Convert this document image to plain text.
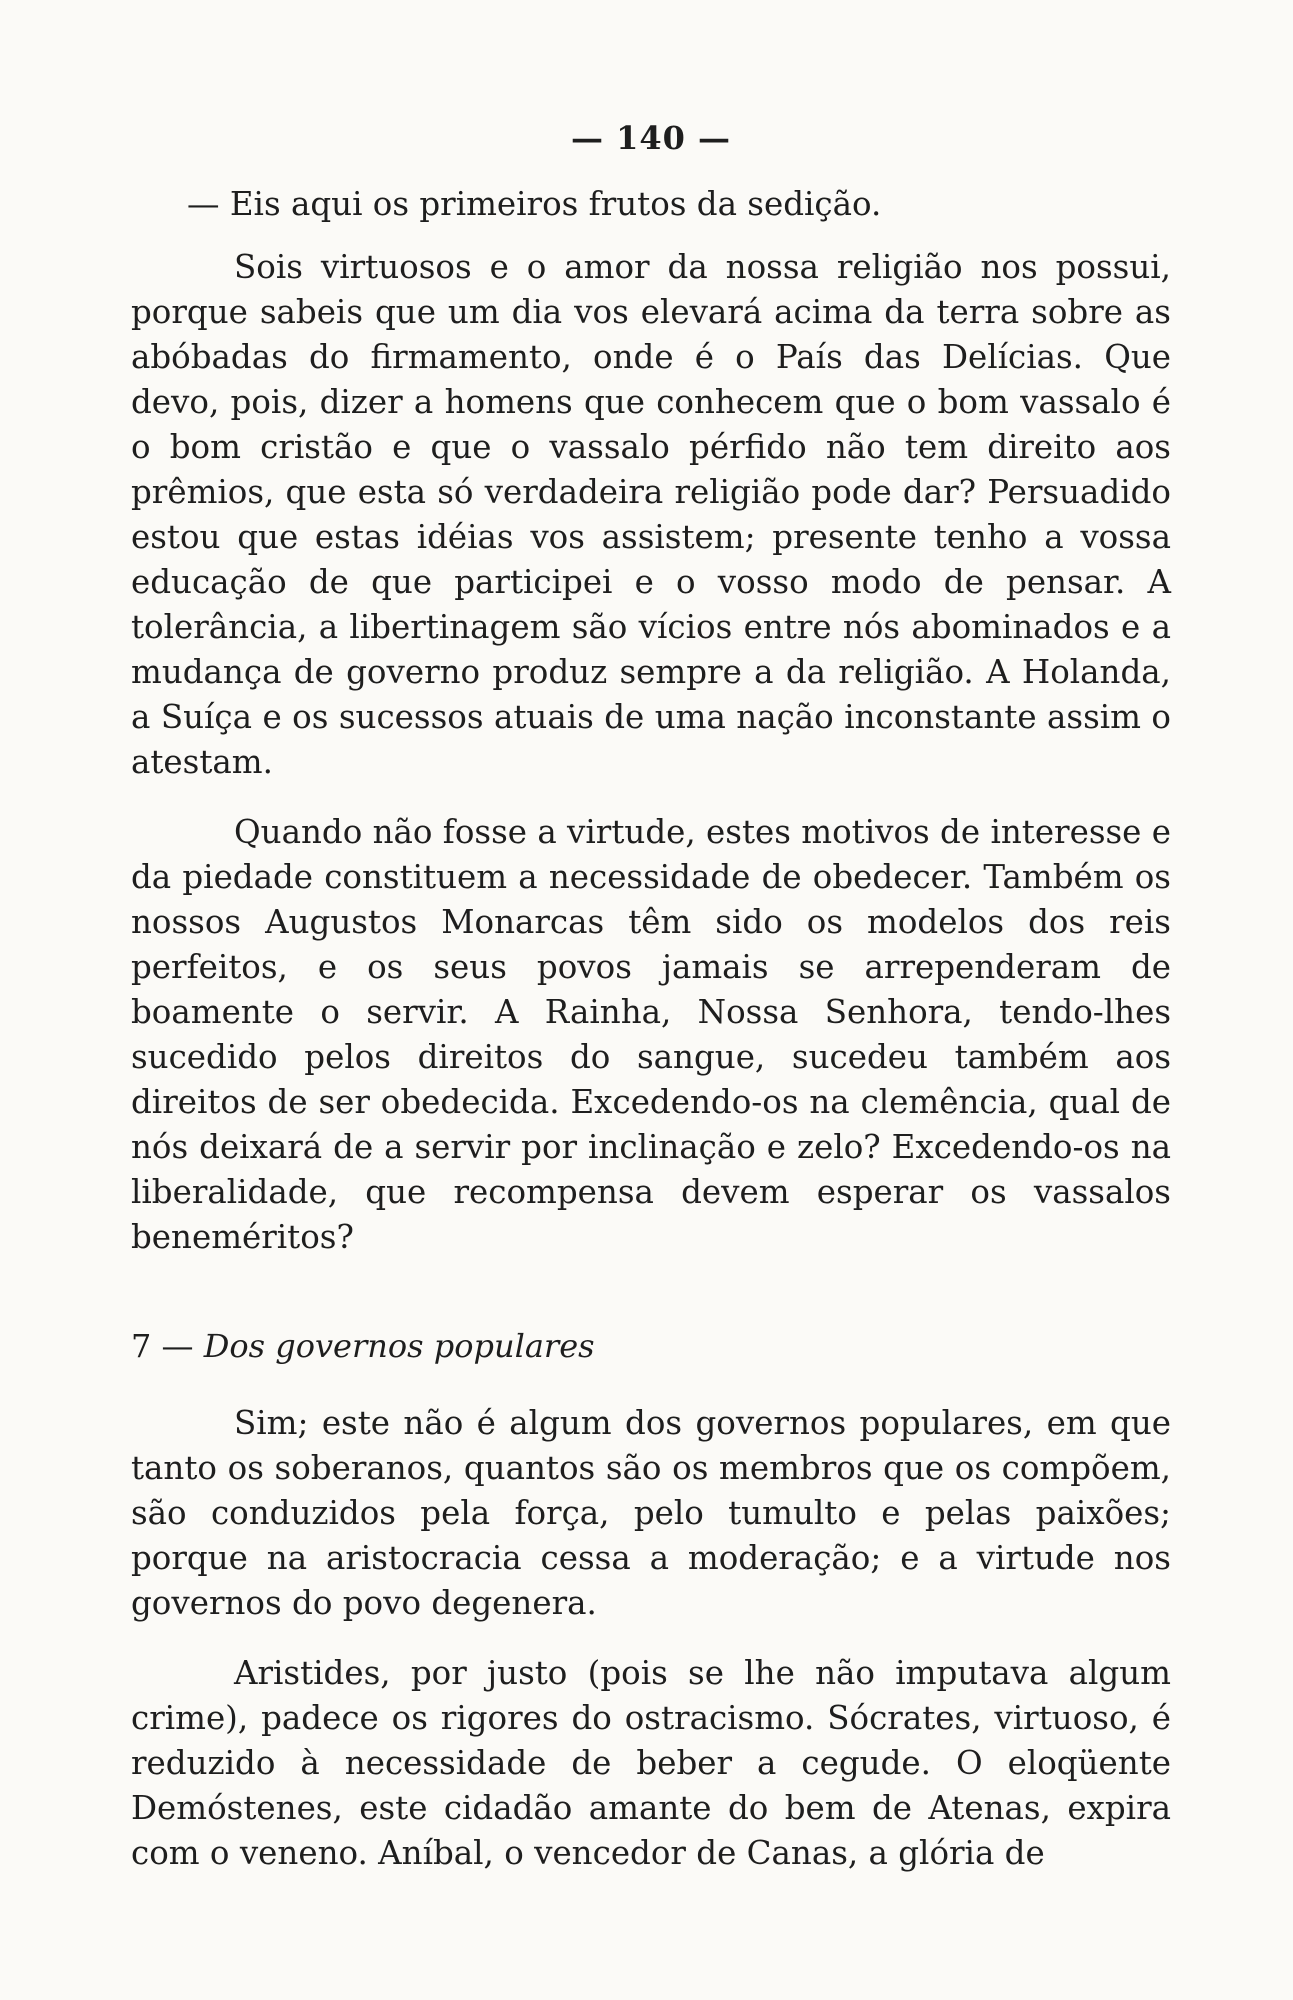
— 140 —

— Eis aqui os primeiros frutos da sedição.

Sois virtuosos e o amor da nossa religião nos possui, porque sabeis que um dia vos elevará acima da terra sobre as abóbadas do firmamento, onde é o País das Delícias. Que devo, pois, dizer a homens que conhecem que o bom vassalo é o bom cristão e que o vassalo pérfido não tem direito aos prêmios, que esta só verdadeira religião pode dar? Persuadido estou que estas idéias vos assistem; presente tenho a vossa educação de que participei e o vosso modo de pensar. A tolerância, a libertinagem são vícios entre nós abominados e a mudança de governo produz sempre a da religião. A Holanda, a Suíça e os sucessos atuais de uma nação inconstante assim o atestam.

Quando não fosse a virtude, estes motivos de interesse e da piedade constituem a necessidade de obedecer. Também os nossos Augustos Monarcas têm sido os modelos dos reis perfeitos, e os seus povos jamais se arrependeram de boamente o servir. A Rainha, Nossa Senhora, tendo-lhes sucedido pelos direitos do sangue, sucedeu também aos direitos de ser obedecida. Excedendo-os na clemência, qual de nós deixará de a servir por inclinação e zelo? Excedendo-os na liberalidade, que recompensa devem esperar os vassalos beneméritos?

7 — Dos governos populares

Sim; este não é algum dos governos populares, em que tanto os soberanos, quantos são os membros que os compõem, são conduzidos pela força, pelo tumulto e pelas paixões; porque na aristocracia cessa a moderação; e a virtude nos governos do povo degenera.

Aristides, por justo (pois se lhe não imputava algum crime), padece os rigores do ostracismo. Sócrates, virtuoso, é reduzido à necessidade de beber a cegude. O eloqüente Demóstenes, este cidadão amante do bem de Atenas, expira com o veneno. Aníbal, o vencedor de Canas, a glória de
